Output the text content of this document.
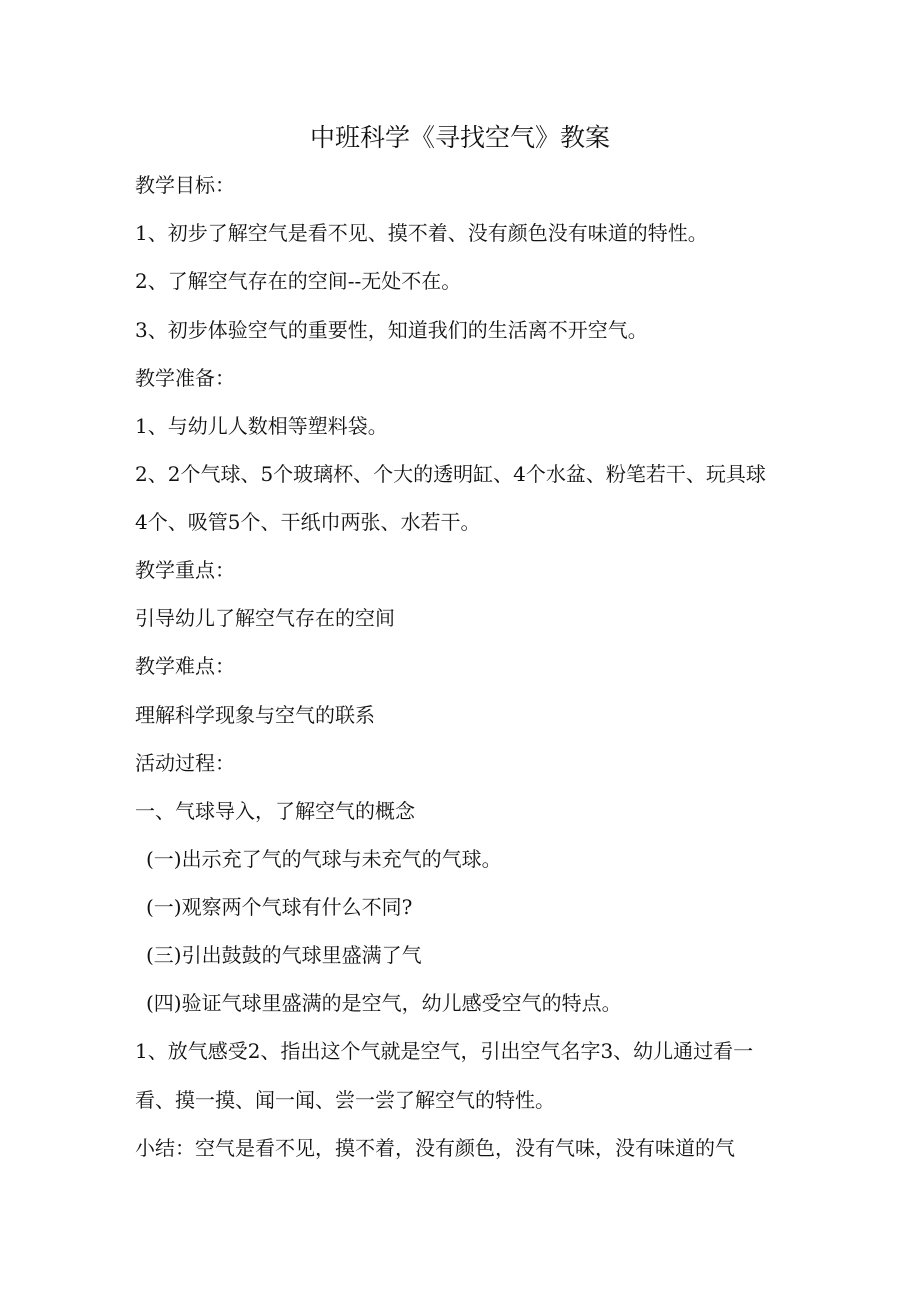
中班科学《寻找空气》教案

教学目标：

1、初步了解空气是看不见、摸不着、没有颜色没有味道的特性。

2、了解空气存在的空间--无处不在。

3、初步体验空气的重要性，知道我们的生活离不开空气。

教学准备：

1、与幼儿人数相等塑料袋。

2、2个气球、5个玻璃杯、个大的透明缸、4个水盆、粉笔若干、玩具球

4个、吸管5个、干纸巾两张、水若干。

教学重点：

引导幼儿了解空气存在的空间

教学难点：

理解科学现象与空气的联系

活动过程：

一、气球导入，了解空气的概念

(一)出示充了气的气球与未充气的气球。

(一)观察两个气球有什么不同?

(三)引出鼓鼓的气球里盛满了气

(四)验证气球里盛满的是空气，幼儿感受空气的特点。

1、放气感受2、指出这个气就是空气，引出空气名字3、幼儿通过看一

看、摸一摸、闻一闻、尝一尝了解空气的特性。

小结：空气是看不见，摸不着，没有颜色，没有气味，没有味道的气
